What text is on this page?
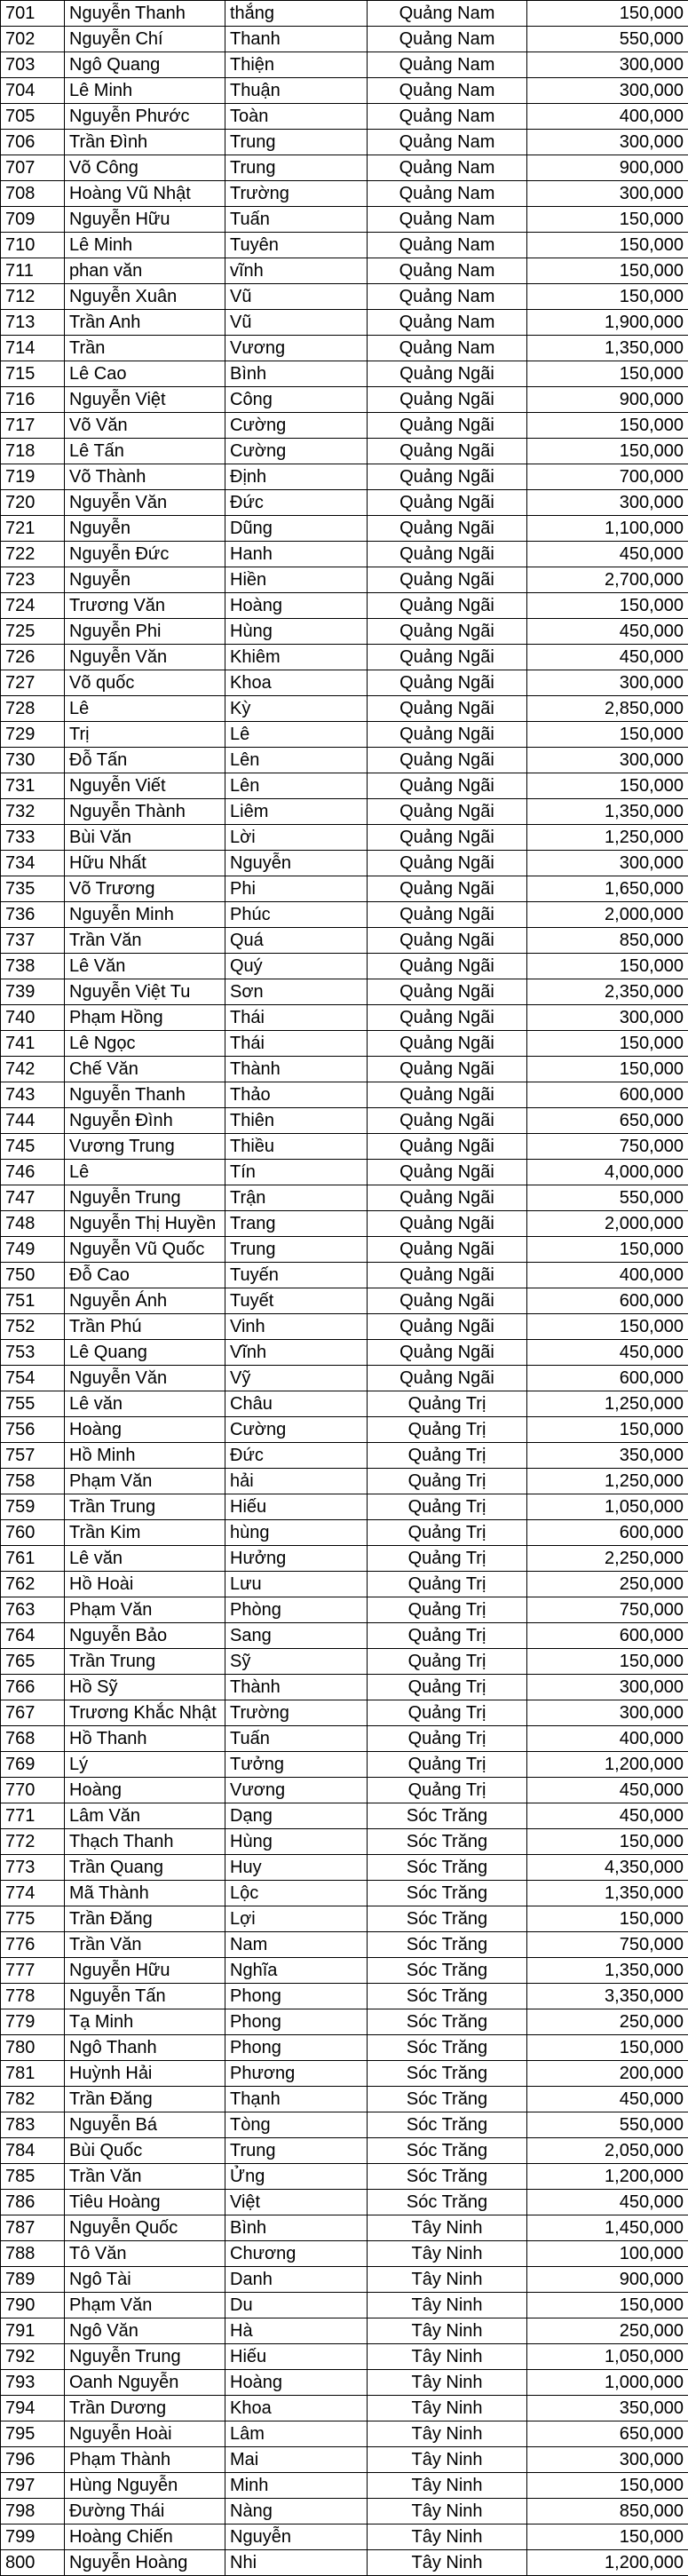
701	Nguyễn Thanh	thắng	Quảng Nam	150,000
702	Nguyễn Chí	Thanh	Quảng Nam	550,000
703	Ngô Quang	Thiện	Quảng Nam	300,000
704	Lê Minh	Thuận	Quảng Nam	300,000
705	Nguyễn Phước	Toàn	Quảng Nam	400,000
706	Trần Đình	Trung	Quảng Nam	300,000
707	Võ Công	Trung	Quảng Nam	900,000
708	Hoàng Vũ Nhật	Trường	Quảng Nam	300,000
709	Nguyễn Hữu	Tuấn	Quảng Nam	150,000
710	Lê Minh	Tuyên	Quảng Nam	150,000
711	phan văn	vĩnh	Quảng Nam	150,000
712	Nguyễn Xuân	Vũ	Quảng Nam	150,000
713	Trần Anh	Vũ	Quảng Nam	1,900,000
714	Trần	Vương	Quảng Nam	1,350,000
715	Lê Cao	Bình	Quảng Ngãi	150,000
716	Nguyễn Việt	Công	Quảng Ngãi	900,000
717	Võ Văn	Cường	Quảng Ngãi	150,000
718	Lê Tấn	Cường	Quảng Ngãi	150,000
719	Võ Thành	Định	Quảng Ngãi	700,000
720	Nguyễn Văn	Đức	Quảng Ngãi	300,000
721	Nguyễn	Dũng	Quảng Ngãi	1,100,000
722	Nguyễn Đức	Hanh	Quảng Ngãi	450,000
723	Nguyễn	Hiền	Quảng Ngãi	2,700,000
724	Trương Văn	Hoàng	Quảng Ngãi	150,000
725	Nguyễn Phi	Hùng	Quảng Ngãi	450,000
726	Nguyễn Văn	Khiêm	Quảng Ngãi	450,000
727	Võ quốc	Khoa	Quảng Ngãi	300,000
728	Lê	Kỳ	Quảng Ngãi	2,850,000
729	Trị	Lê	Quảng Ngãi	150,000
730	Đỗ Tấn	Lên	Quảng Ngãi	300,000
731	Nguyễn Viết	Lên	Quảng Ngãi	150,000
732	Nguyễn Thành	Liêm	Quảng Ngãi	1,350,000
733	Bùi Văn	Lời	Quảng Ngãi	1,250,000
734	Hữu Nhất	Nguyễn	Quảng Ngãi	300,000
735	Võ Trương	Phi	Quảng Ngãi	1,650,000
736	Nguyễn Minh	Phúc	Quảng Ngãi	2,000,000
737	Trần Văn	Quá	Quảng Ngãi	850,000
738	Lê Văn	Quý	Quảng Ngãi	150,000
739	Nguyễn Việt Tu	Sơn	Quảng Ngãi	2,350,000
740	Phạm Hồng	Thái	Quảng Ngãi	300,000
741	Lê Ngọc	Thái	Quảng Ngãi	150,000
742	Chế Văn	Thành	Quảng Ngãi	150,000
743	Nguyễn Thanh	Thảo	Quảng Ngãi	600,000
744	Nguyễn Đình	Thiên	Quảng Ngãi	650,000
745	Vương Trung	Thiều	Quảng Ngãi	750,000
746	Lê	Tín	Quảng Ngãi	4,000,000
747	Nguyễn Trung	Trận	Quảng Ngãi	550,000
748	Nguyễn Thị Huyền	Trang	Quảng Ngãi	2,000,000
749	Nguyễn Vũ Quốc	Trung	Quảng Ngãi	150,000
750	Đỗ Cao	Tuyến	Quảng Ngãi	400,000
751	Nguyễn Ánh	Tuyết	Quảng Ngãi	600,000
752	Trần Phú	Vinh	Quảng Ngãi	150,000
753	Lê Quang	Vĩnh	Quảng Ngãi	450,000
754	Nguyễn Văn	Vỹ	Quảng Ngãi	600,000
755	Lê văn	Châu	Quảng Trị	1,250,000
756	Hoàng	Cường	Quảng Trị	150,000
757	Hồ Minh	Đức	Quảng Trị	350,000
758	Phạm Văn	hải	Quảng Trị	1,250,000
759	Trần Trung	Hiếu	Quảng Trị	1,050,000
760	Trần Kim	hùng	Quảng Trị	600,000
761	Lê văn	Hưởng	Quảng Trị	2,250,000
762	Hồ Hoài	Lưu	Quảng Trị	250,000
763	Phạm Văn	Phòng	Quảng Trị	750,000
764	Nguyễn Bảo	Sang	Quảng Trị	600,000
765	Trần Trung	Sỹ	Quảng Trị	150,000
766	Hồ Sỹ	Thành	Quảng Trị	300,000
767	Trương Khắc Nhật	Trường	Quảng Trị	300,000
768	Hồ Thanh	Tuấn	Quảng Trị	400,000
769	Lý	Tưởng	Quảng Trị	1,200,000
770	Hoàng	Vương	Quảng Trị	450,000
771	Lâm Văn	Dạng	Sóc Trăng	450,000
772	Thạch Thanh	Hùng	Sóc Trăng	150,000
773	Trần Quang	Huy	Sóc Trăng	4,350,000
774	Mã Thành	Lộc	Sóc Trăng	1,350,000
775	Trần Đăng	Lợi	Sóc Trăng	150,000
776	Trần Văn	Nam	Sóc Trăng	750,000
777	Nguyễn Hữu	Nghĩa	Sóc Trăng	1,350,000
778	Nguyễn Tấn	Phong	Sóc Trăng	3,350,000
779	Tạ Minh	Phong	Sóc Trăng	250,000
780	Ngô Thanh	Phong	Sóc Trăng	150,000
781	Huỳnh Hải	Phương	Sóc Trăng	200,000
782	Trần Đăng	Thạnh	Sóc Trăng	450,000
783	Nguyễn Bá	Tòng	Sóc Trăng	550,000
784	Bùi Quốc	Trung	Sóc Trăng	2,050,000
785	Trần Văn	Ửng	Sóc Trăng	1,200,000
786	Tiêu Hoàng	Việt	Sóc Trăng	450,000
787	Nguyễn Quốc	Bình	Tây Ninh	1,450,000
788	Tô Văn	Chương	Tây Ninh	100,000
789	Ngô Tài	Danh	Tây Ninh	900,000
790	Phạm Văn	Du	Tây Ninh	150,000
791	Ngô Văn	Hà	Tây Ninh	250,000
792	Nguyễn Trung	Hiếu	Tây Ninh	1,050,000
793	Oanh Nguyễn	Hoàng	Tây Ninh	1,000,000
794	Trần Dương	Khoa	Tây Ninh	350,000
795	Nguyễn Hoài	Lâm	Tây Ninh	650,000
796	Phạm Thành	Mai	Tây Ninh	300,000
797	Hùng Nguyễn	Minh	Tây Ninh	150,000
798	Đường Thái	Nàng	Tây Ninh	850,000
799	Hoàng Chiến	Nguyễn	Tây Ninh	150,000
800	Nguyễn Hoàng	Nhi	Tây Ninh	1,200,000
